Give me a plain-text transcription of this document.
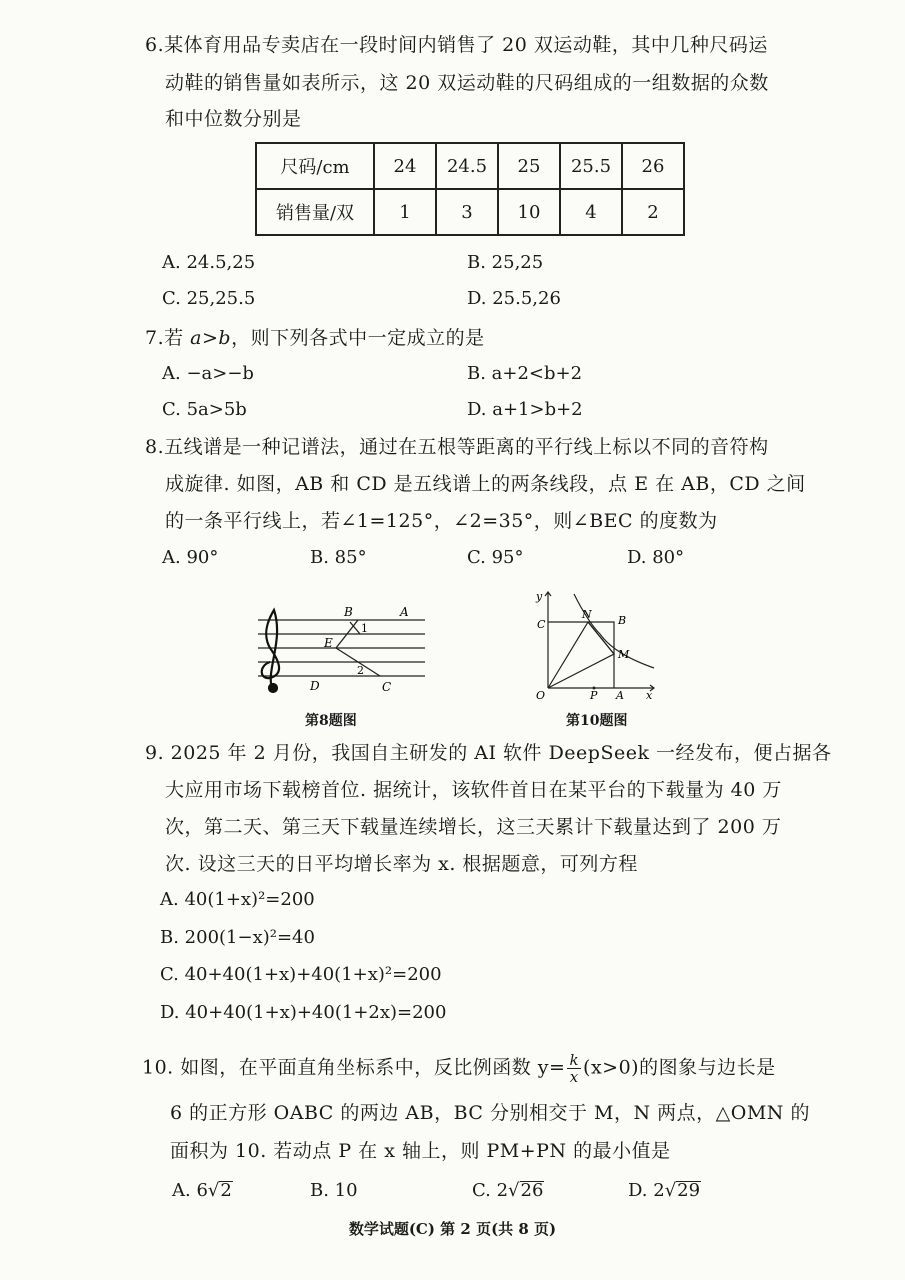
6.某体育用品专卖店在一段时间内销售了 20 双运动鞋，其中几种尺码运
动鞋的销售量如表所示，这 20 双运动鞋的尺码组成的一组数据的众数
和中位数分别是
尺码/cm	24	24.5	25	25.5	26
销售量/双	1	3	10	4	2
A. 24.5,25	B. 25,25
C. 25,25.5	D. 25.5,26
7.若 a>b，则下列各式中一定成立的是
A. −a>−b	B. a+2<b+2
C. 5a>5b	D. a+1>b+2
8.五线谱是一种记谱法，通过在五根等距离的平行线上标以不同的音符构
成旋律. 如图，AB 和 CD 是五线谱上的两条线段，点 E 在 AB，CD 之间
的一条平行线上，若∠1=125°，∠2=35°，则∠BEC 的度数为
A. 90°	B. 85°	C. 95°	D. 80°
B	A
E
1
2
D	C
第8题图
y
x
O	A
B
C
M
N
P
第10题图
9. 2025 年 2 月份，我国自主研发的 AI 软件 DeepSeek 一经发布，便占据各
大应用市场下载榜首位. 据统计，该软件首日在某平台的下载量为 40 万
次，第二天、第三天下载量连续增长，这三天累计下载量达到了 200 万
次. 设这三天的日平均增长率为 x. 根据题意，可列方程
A. 40(1+x)²=200
B. 200(1−x)²=40
C. 40+40(1+x)+40(1+x)²=200
D. 40+40(1+x)+40(1+2x)=200
10. 如图，在平面直角坐标系中，反比例函数 $y= \frac{k}{x} (x>0)$的图象与边长是
6 的正方形 OABC 的两边 AB，BC 分别相交于 M，N 两点，△OMN 的
面积为 10. 若动点 P 在 x 轴上，则 PM+PN 的最小值是
A. 6√2	B. 10	C. 2√26	D. 2√29
数学试题(C) 第 2 页(共 8 页)
